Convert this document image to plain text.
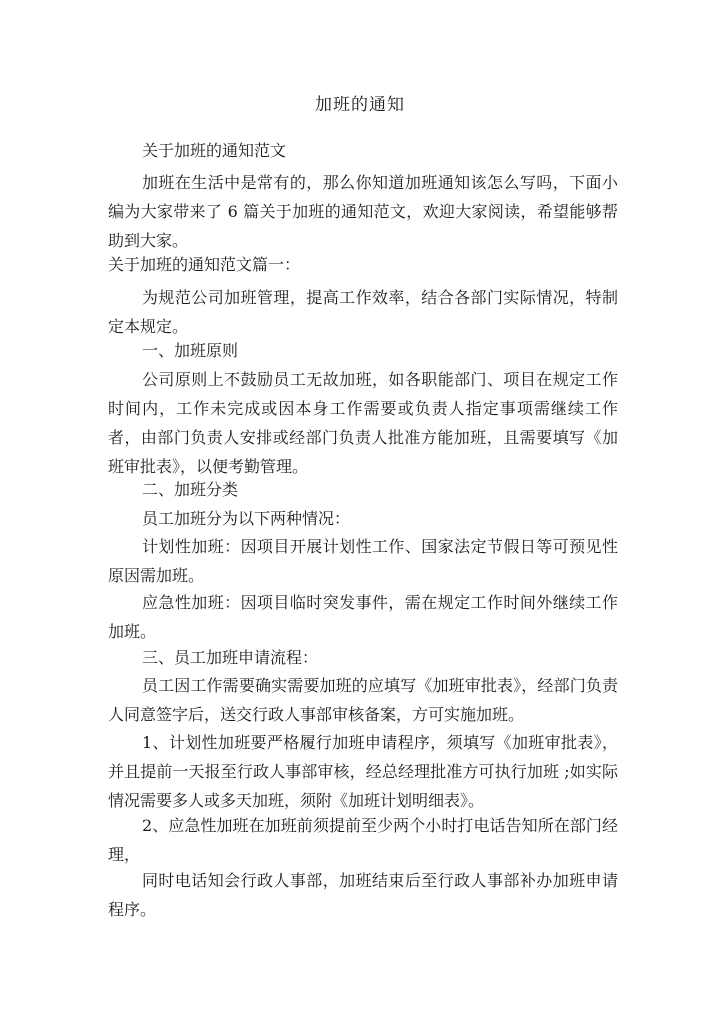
加班的通知

关于加班的通知范文

加班在生活中是常有的，那么你知道加班通知该怎么写吗，下面小编为大家带来了 6 篇关于加班的通知范文，欢迎大家阅读，希望能够帮助到大家。

关于加班的通知范文篇一：

为规范公司加班管理，提高工作效率，结合各部门实际情况，特制定本规定。

一、加班原则

公司原则上不鼓励员工无故加班，如各职能部门、项目在规定工作时间内，工作未完成或因本身工作需要或负责人指定事项需继续工作者，由部门负责人安排或经部门负责人批准方能加班，且需要填写《加班审批表》，以便考勤管理。

二、加班分类

员工加班分为以下两种情况：

计划性加班：因项目开展计划性工作、国家法定节假日等可预见性原因需加班。

应急性加班：因项目临时突发事件，需在规定工作时间外继续工作加班。

三、员工加班申请流程：

员工因工作需要确实需要加班的应填写《加班审批表》，经部门负责人同意签字后，送交行政人事部审核备案，方可实施加班。

1、计划性加班要严格履行加班申请程序，须填写《加班审批表》，并且提前一天报至行政人事部审核，经总经理批准方可执行加班 ;如实际情况需要多人或多天加班，须附《加班计划明细表》。

2、应急性加班在加班前须提前至少两个小时打电话告知所在部门经理，

同时电话知会行政人事部，加班结束后至行政人事部补办加班申请程序。
